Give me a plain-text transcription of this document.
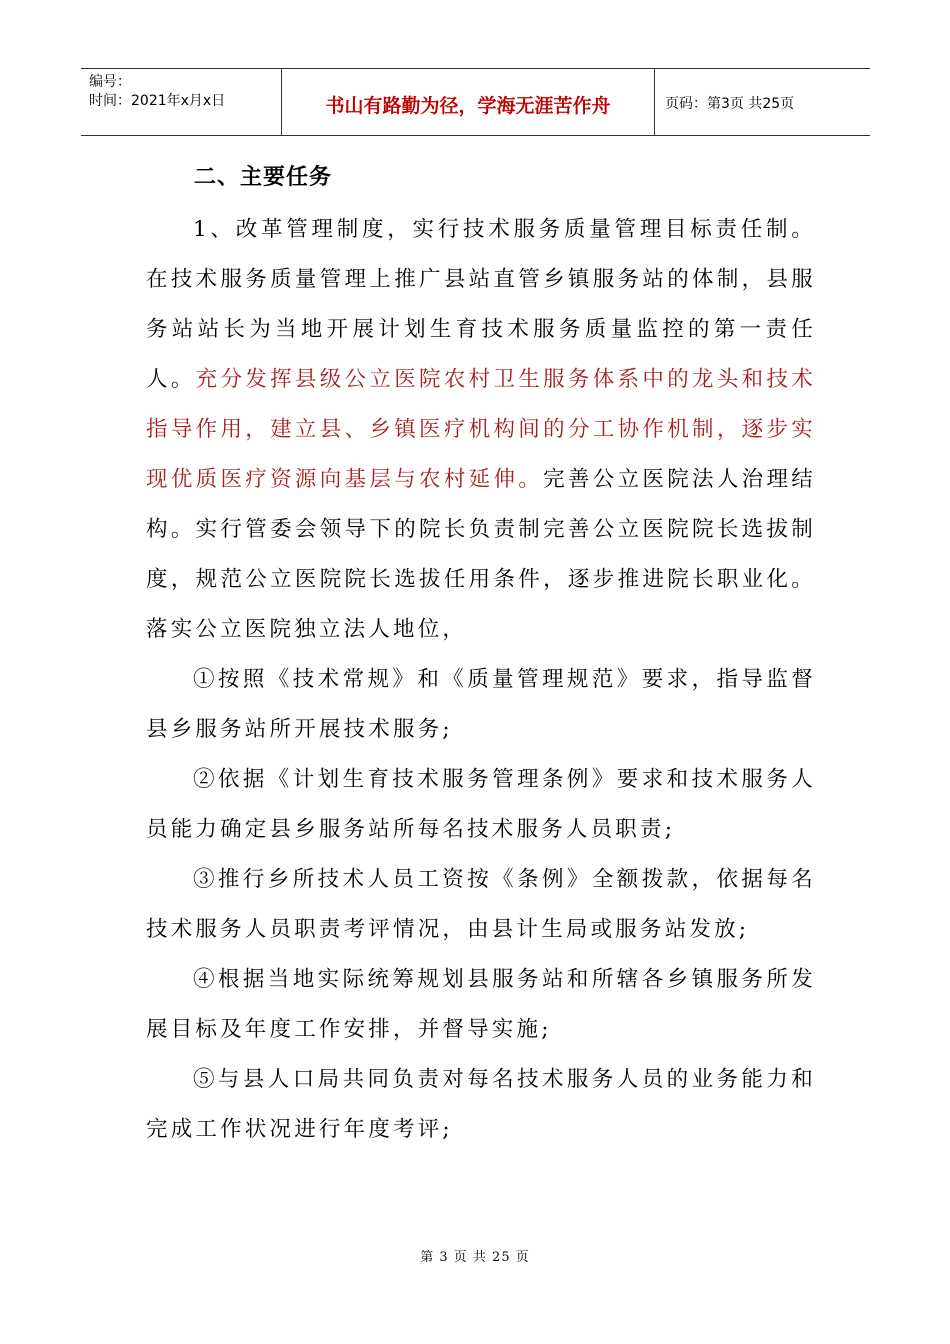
编号：
时间：2021年x月x日	书山有路勤为径，学海无涯苦作舟	页码：第3页 共25页
二、主要任务

1、改革管理制度，实行技术服务质量管理目标责任制。在技术服务质量管理上推广县站直管乡镇服务站的体制，县服务站站长为当地开展计划生育技术服务质量监控的第一责任人。充分发挥县级公立医院农村卫生服务体系中的龙头和技术指导作用，建立县、乡镇医疗机构间的分工协作机制，逐步实现优质医疗资源向基层与农村延伸。完善公立医院法人治理结构。实行管委会领导下的院长负责制完善公立医院院长选拔制度，规范公立医院院长选拔任用条件，逐步推进院长职业化。落实公立医院独立法人地位，

①按照《技术常规》和《质量管理规范》要求，指导监督县乡服务站所开展技术服务;

②依据《计划生育技术服务管理条例》要求和技术服务人员能力确定县乡服务站所每名技术服务人员职责;

③推行乡所技术人员工资按《条例》全额拨款，依据每名技术服务人员职责考评情况，由县计生局或服务站发放;

④根据当地实际统筹规划县服务站和所辖各乡镇服务所发展目标及年度工作安排，并督导实施;

⑤与县人口局共同负责对每名技术服务人员的业务能力和完成工作状况进行年度考评;

第 3 页 共 25 页
